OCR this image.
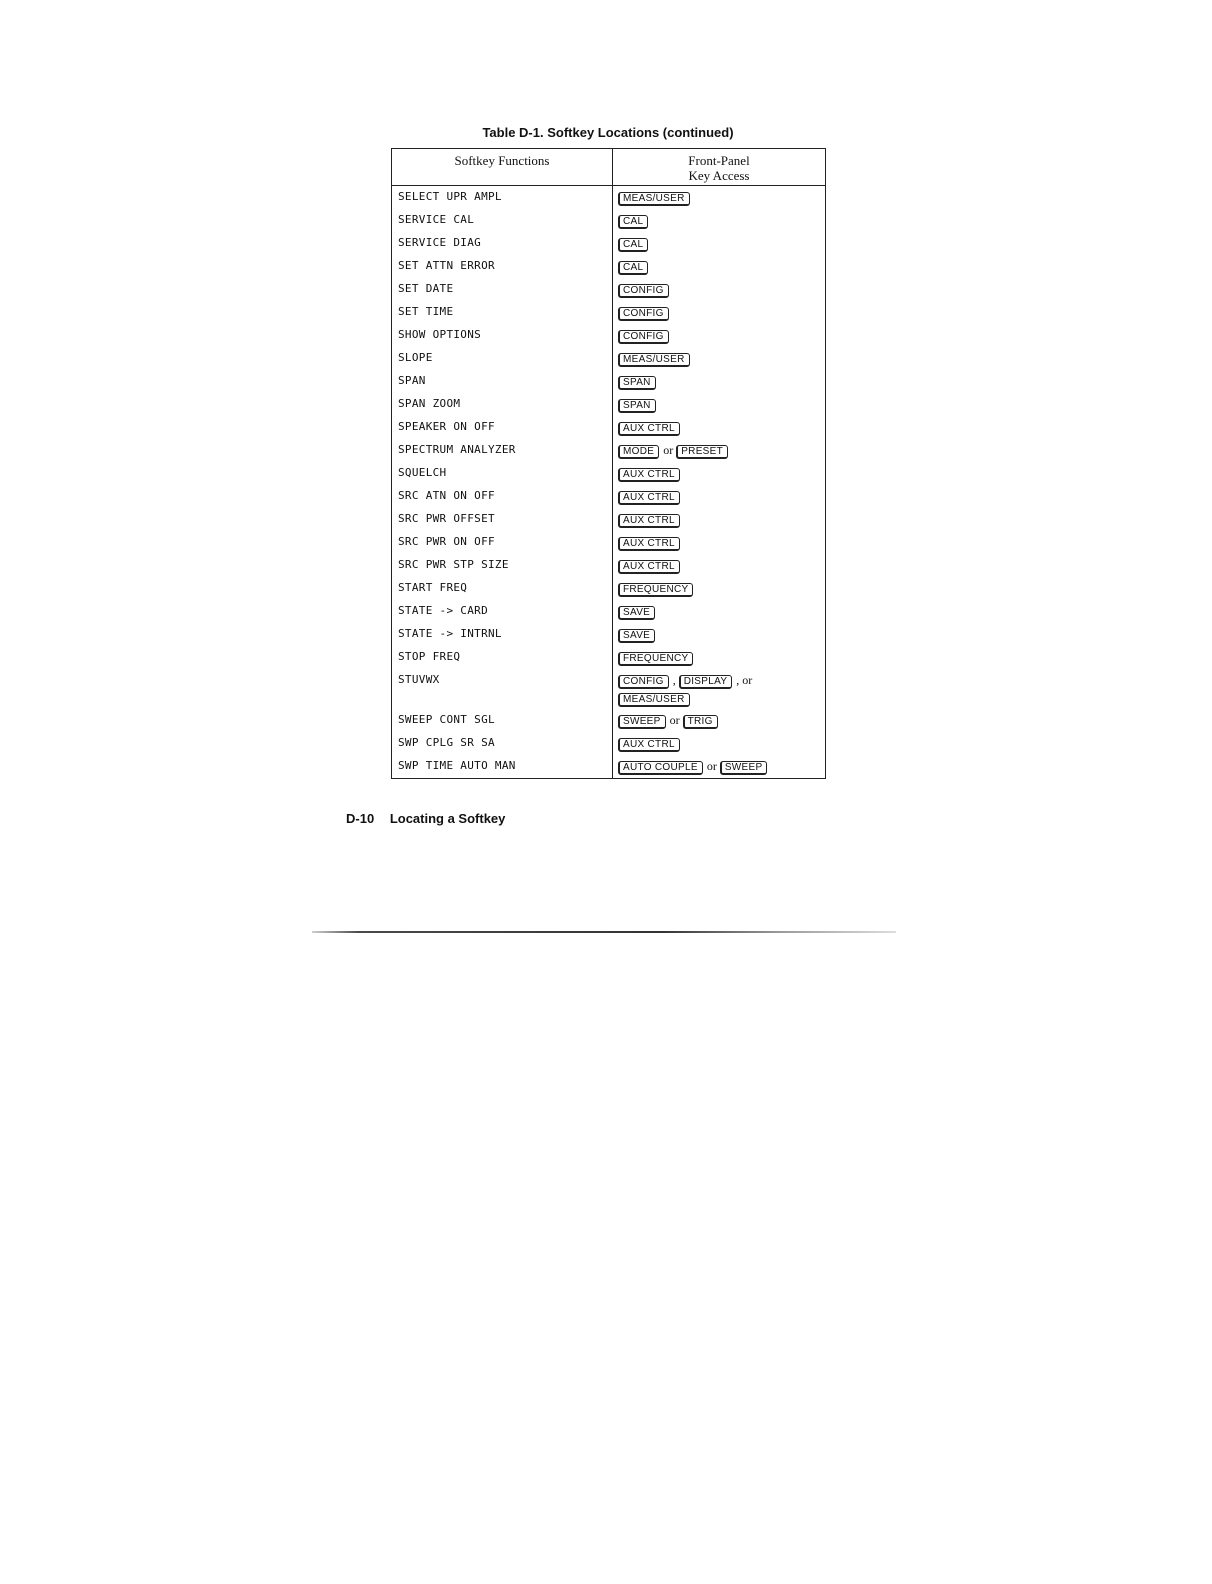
Table D-1. Softkey Locations (continued)
Softkey Functions	Front-Panel
Key Access
SELECT UPR AMPL	MEAS/USER

SERVICE CAL	CAL

SERVICE DIAG	CAL

SET ATTN ERROR	CAL

SET DATE	CONFIG

SET TIME	CONFIG

SHOW OPTIONS	CONFIG

SLOPE	MEAS/USER

SPAN	SPAN

SPAN ZOOM	SPAN

SPEAKER ON OFF	AUX CTRL

SPECTRUM ANALYZER	MODE or PRESET

SQUELCH	AUX CTRL

SRC ATN ON OFF	AUX CTRL

SRC PWR OFFSET	AUX CTRL

SRC PWR ON OFF	AUX CTRL

SRC PWR STP SIZE	AUX CTRL

START FREQ	FREQUENCY

STATE -> CARD	SAVE

STATE -> INTRNL	SAVE

STOP FREQ	FREQUENCY

STUVWX	CONFIG , DISPLAY , or
MEAS/USER

SWEEP CONT SGL	SWEEP or TRIG

SWP CPLG SR SA	AUX CTRL

SWP TIME AUTO MAN	AUTO COUPLE or SWEEP
D-10 Locating a Softkey
